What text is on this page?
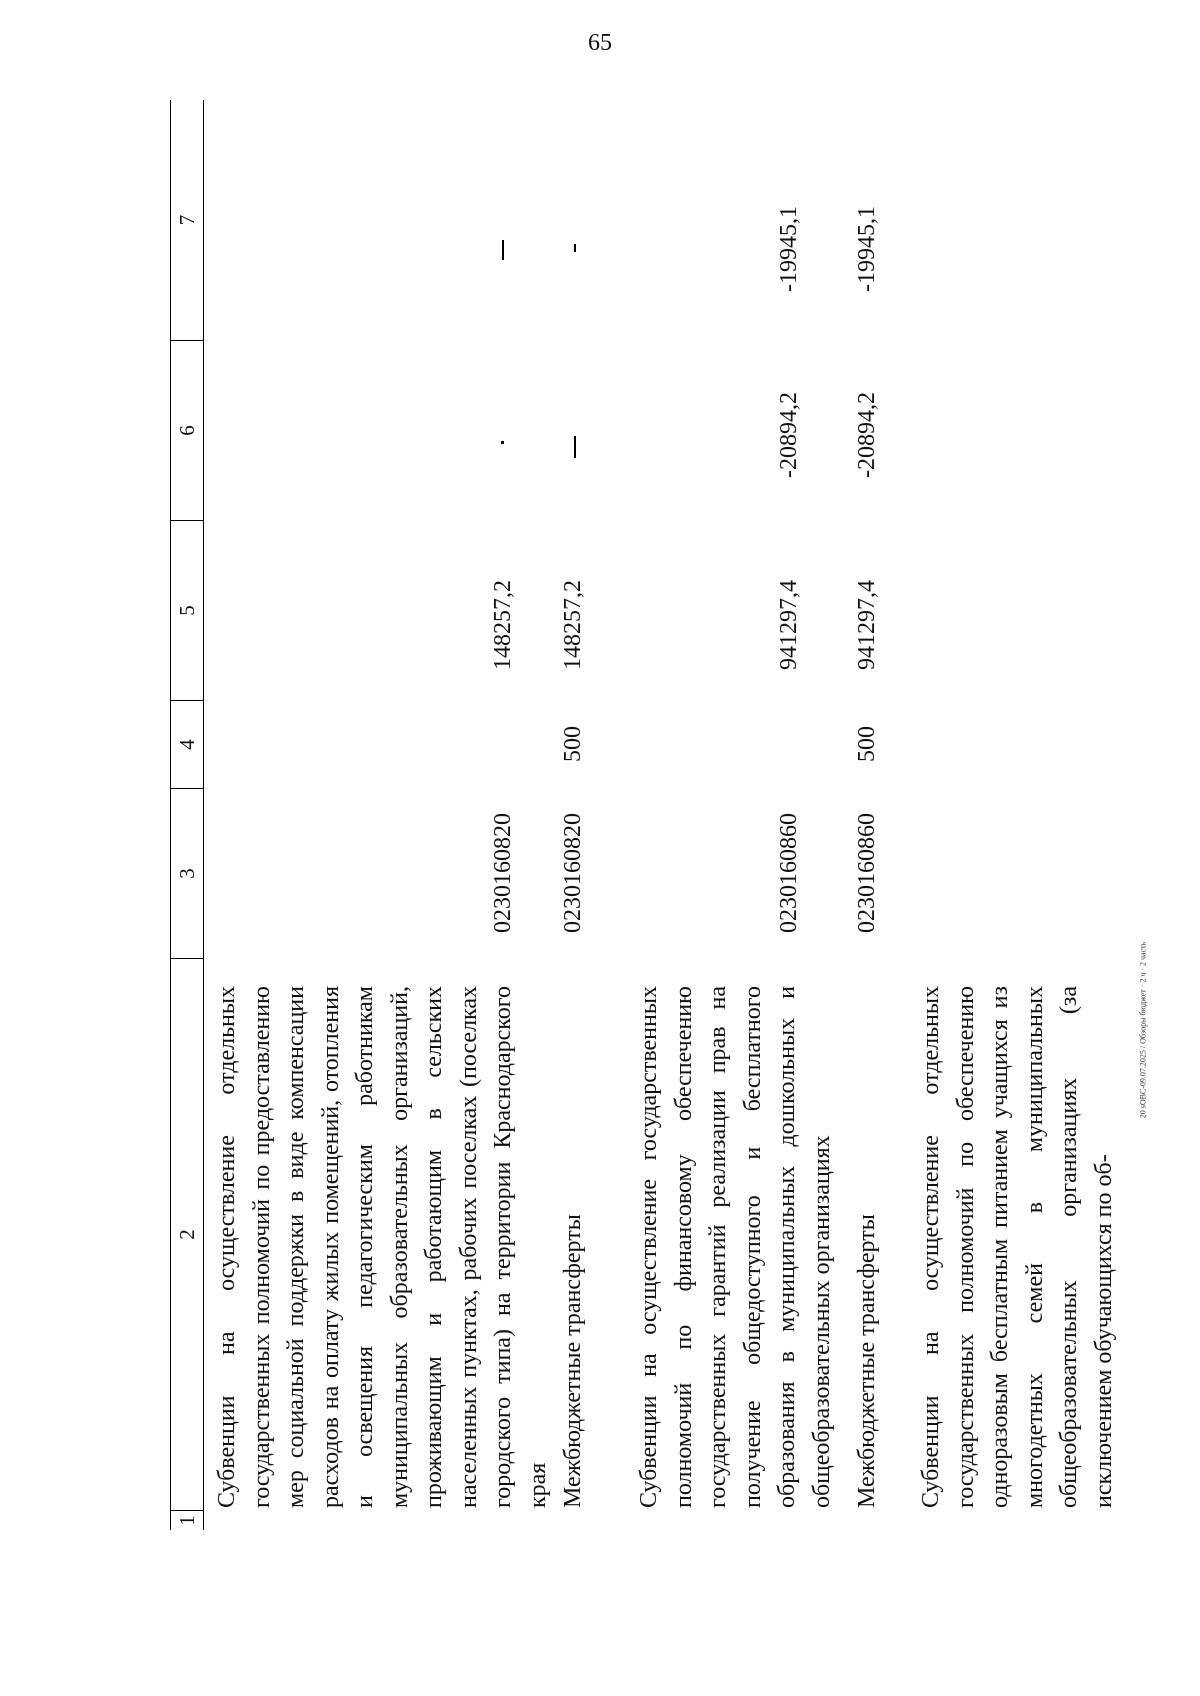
65
20 sОВС-09.07.2025 / Обзоры бюджет · 2 ч · 2 часть
1
2
3
4
5
6
7
Субвенции на осуществление отдельных государственных полномочий по предоставлению мер социальной поддержки в виде компенсации расходов на оплату жилых помещений, отопления и освещения педагогическим работникам муниципальных образовательных организаций, проживающим и работающим в сельских населенных пунктах, рабочих поселках (поселках городского типа) на территории Краснодарского края
0230160820
148257,2
Межбюджетные трансферты
0230160820
500
148257,2
Субвенции на осуществление государственных полномочий по финансовому обеспечению государственных гарантий реализации прав на получение общедоступного и бесплатного образования в муниципальных дошкольных и общеобразовательных организациях
0230160860
941297,4
-20894,2
-19945,1
Межбюджетные трансферты
0230160860
500
941297,4
-20894,2
-19945,1
Субвенции на осуществление отдельных государственных полномочий по обеспечению одноразовым бесплатным питанием учащихся из многодетных семей в муниципальных общеобразовательных организациях (за исключением обучающихся по об-
